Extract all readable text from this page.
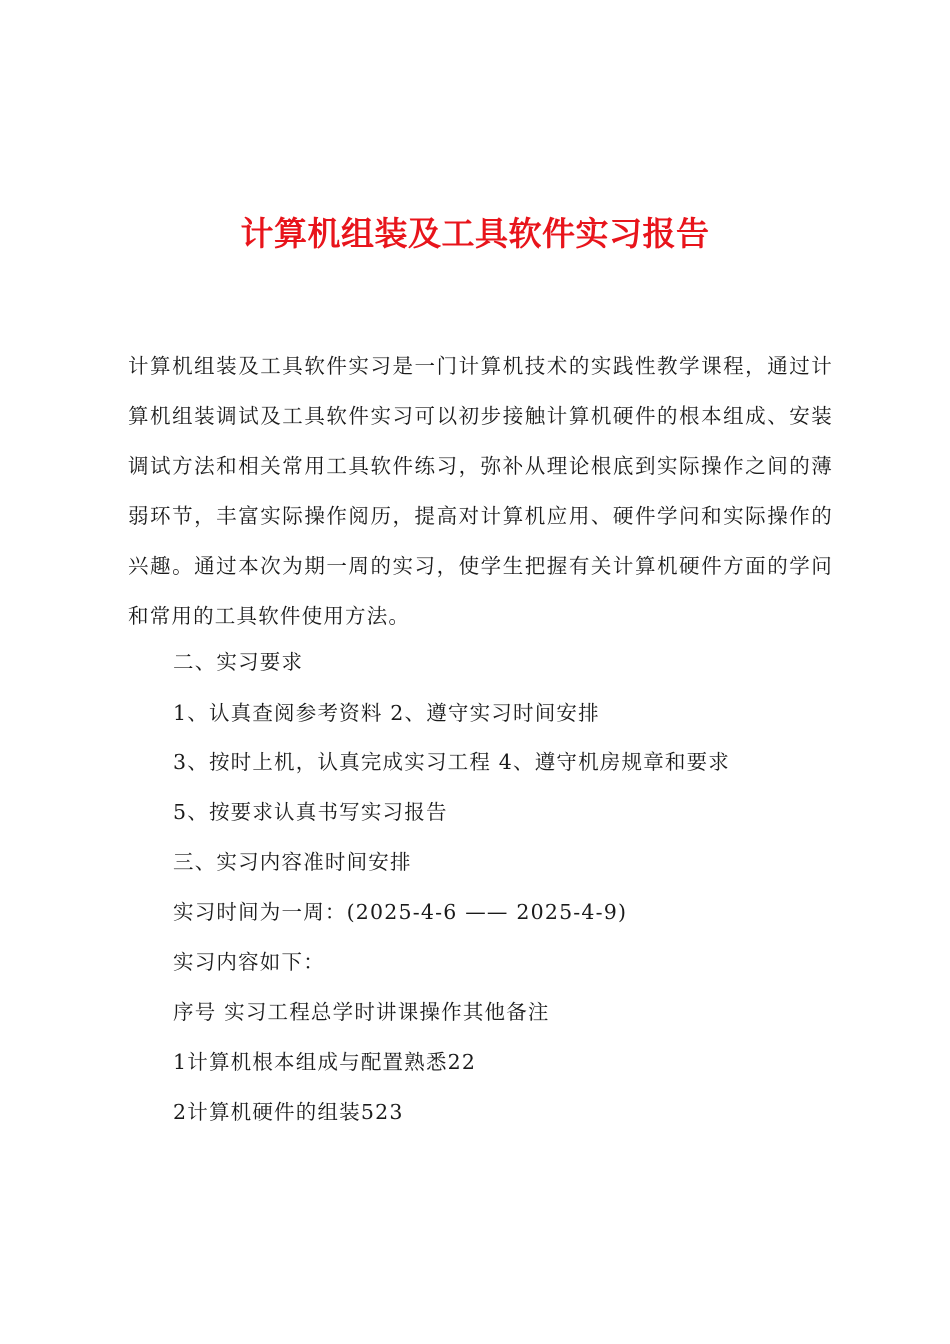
计算机组装及工具软件实习报告
计算机组装及工具软件实习是一门计算机技术的实践性教学课程，通过计算机组装调试及工具软件实习可以初步接触计算机硬件的根本组成、安装调试方法和相关常用工具软件练习，弥补从理论根底到实际操作之间的薄弱环节，丰富实际操作阅历，提高对计算机应用、硬件学问和实际操作的兴趣。通过本次为期一周的实习，使学生把握有关计算机硬件方面的学问和常用的工具软件使用方法。
二、实习要求
1、认真查阅参考资料 2、遵守实习时间安排
3、按时上机，认真完成实习工程 4、遵守机房规章和要求
5、按要求认真书写实习报告
三、实习内容准时间安排
实习时间为一周：(2025-4-6 —— 2025-4-9)
实习内容如下：
序号 实习工程总学时讲课操作其他备注
1计算机根本组成与配置熟悉22
2计算机硬件的组装523
